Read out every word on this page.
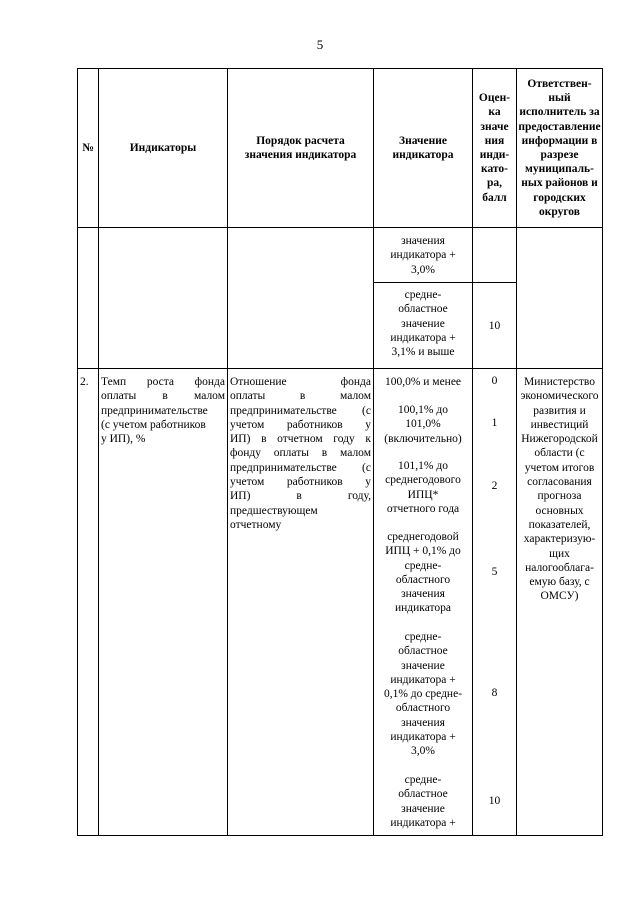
5
№	Индикаторы
Порядок расчета
значения индикатора
Значение
индикатора
Ответствен-
ный
исполнитель за
предоставление
информации в
разрезе
муниципаль-
ных районов и
городских
округов
Оцен-
ка
значе
ния
инди-
като-
ра,
балл
значения
индикатора +
3,0%
средне-
областное
значение
индикатора +
3,1% и выше
10
2.	Темп роста фонда
оплаты в малом
предпринимательстве
(с учетом работников
у ИП), %
Отношение фонда
оплаты в малом
предпринимательстве (с
учетом работников у
ИП) в отчетном году к
фонду оплаты в малом
предпринимательстве (с
учетом работников у
ИП) в году,
предшествующем
отчетному
100,0% и менее
100,1% до
101,0%
(включительно)
101,1% до
среднегодового
ИПЦ*
отчетного года
среднегодовой
ИПЦ + 0,1% до
средне-
областного
значения
индикатора
средне-
областное
значение
индикатора +
0,1% до средне-
областного
значения
индикатора +
3,0%
средне-
областное
значение
индикатора +
0
1
2
5
8
10
Министерство
экономического
развития и
инвестиций
Нижегородской
области (с
учетом итогов
согласования
прогноза
основных
показателей,
характеризую-
щих
налогооблага-
емую базу, с
ОМСУ)
